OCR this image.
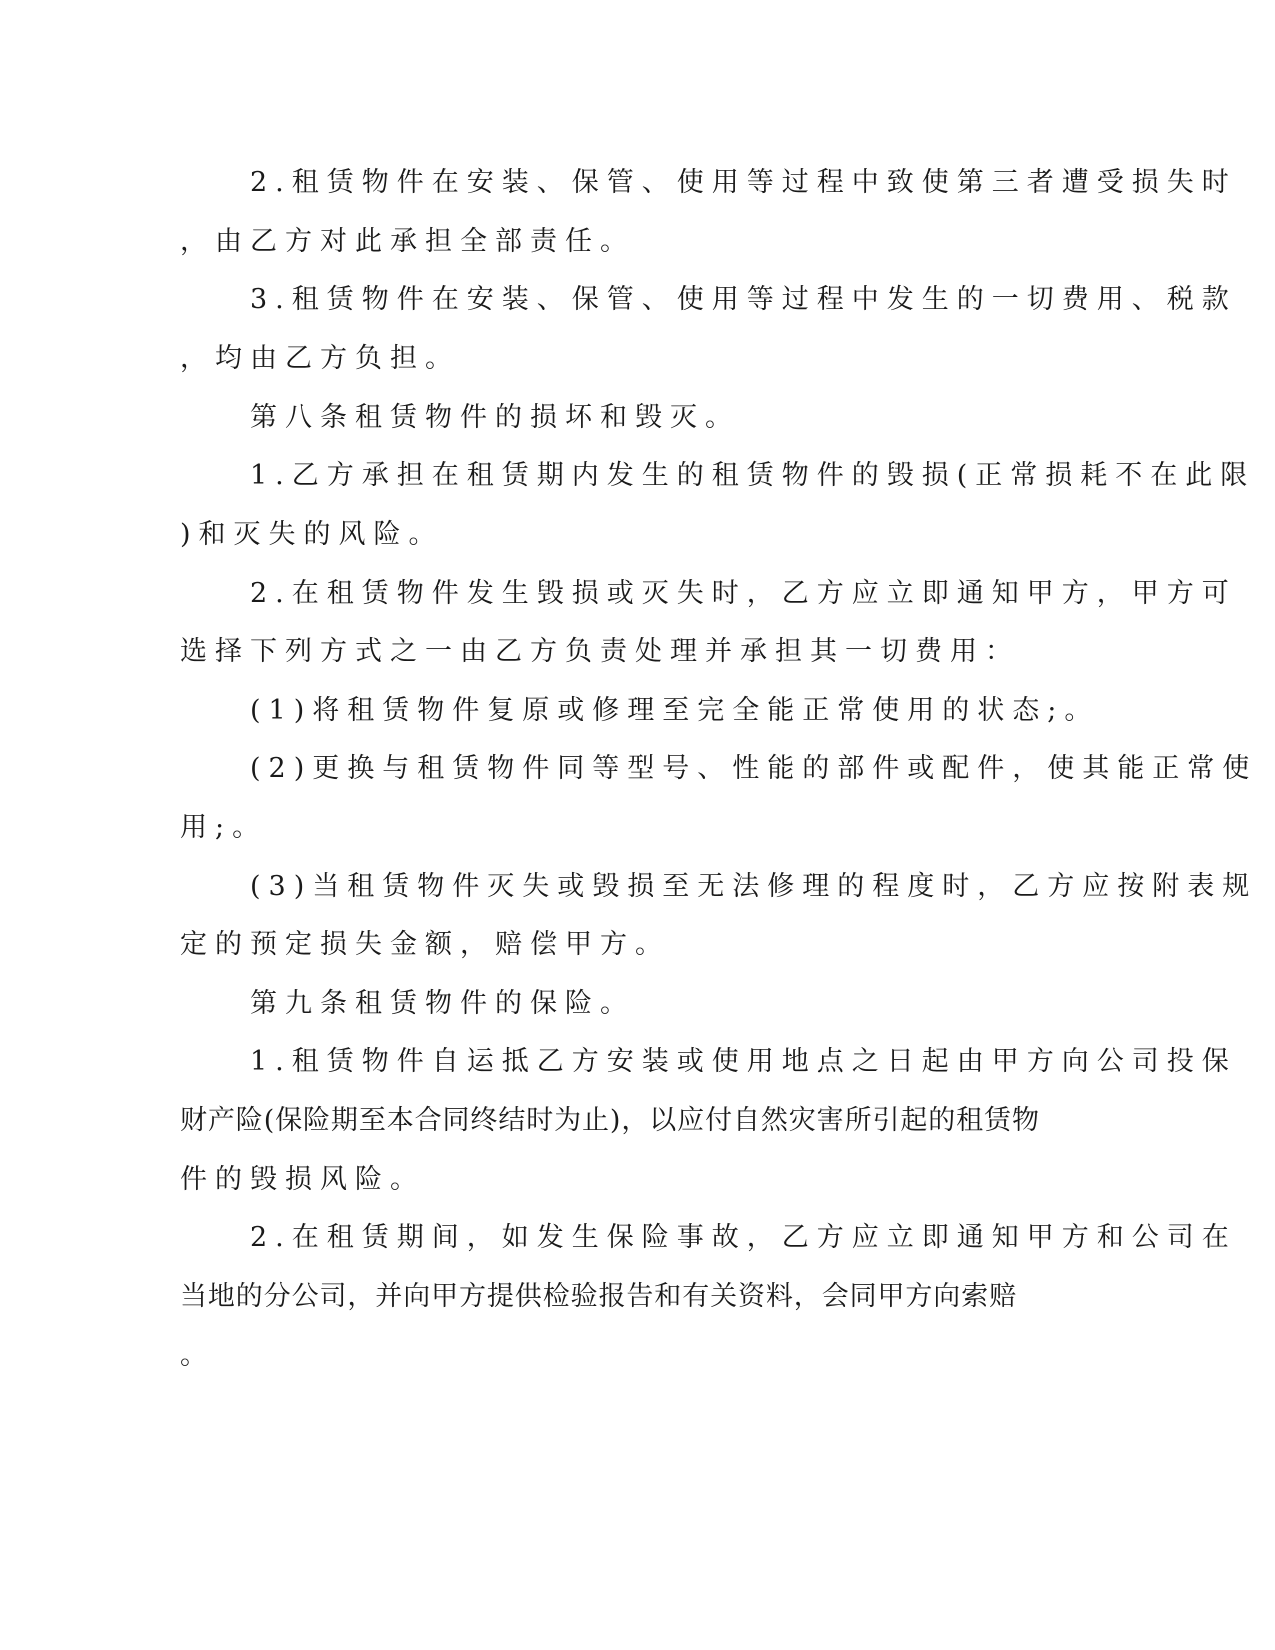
2.租赁物件在安装、保管、使用等过程中致使第三者遭受损失时
，由乙方对此承担全部责任。
3.租赁物件在安装、保管、使用等过程中发生的一切费用、税款
，均由乙方负担。
第八条租赁物件的损坏和毁灭。
1.乙方承担在租赁期内发生的租赁物件的毁损(正常损耗不在此限
)和灭失的风险。
2.在租赁物件发生毁损或灭失时，乙方应立即通知甲方，甲方可
选择下列方式之一由乙方负责处理并承担其一切费用：
(1)将租赁物件复原或修理至完全能正常使用的状态;。
(2)更换与租赁物件同等型号、性能的部件或配件，使其能正常使
用;。
(3)当租赁物件灭失或毁损至无法修理的程度时，乙方应按附表规
定的预定损失金额，赔偿甲方。
第九条租赁物件的保险。
1.租赁物件自运抵乙方安装或使用地点之日起由甲方向公司投保
财产险(保险期至本合同终结时为止)，以应付自然灾害所引起的租赁物
件的毁损风险。
2.在租赁期间，如发生保险事故，乙方应立即通知甲方和公司在
当地的分公司，并向甲方提供检验报告和有关资料，会同甲方向索赔
。
